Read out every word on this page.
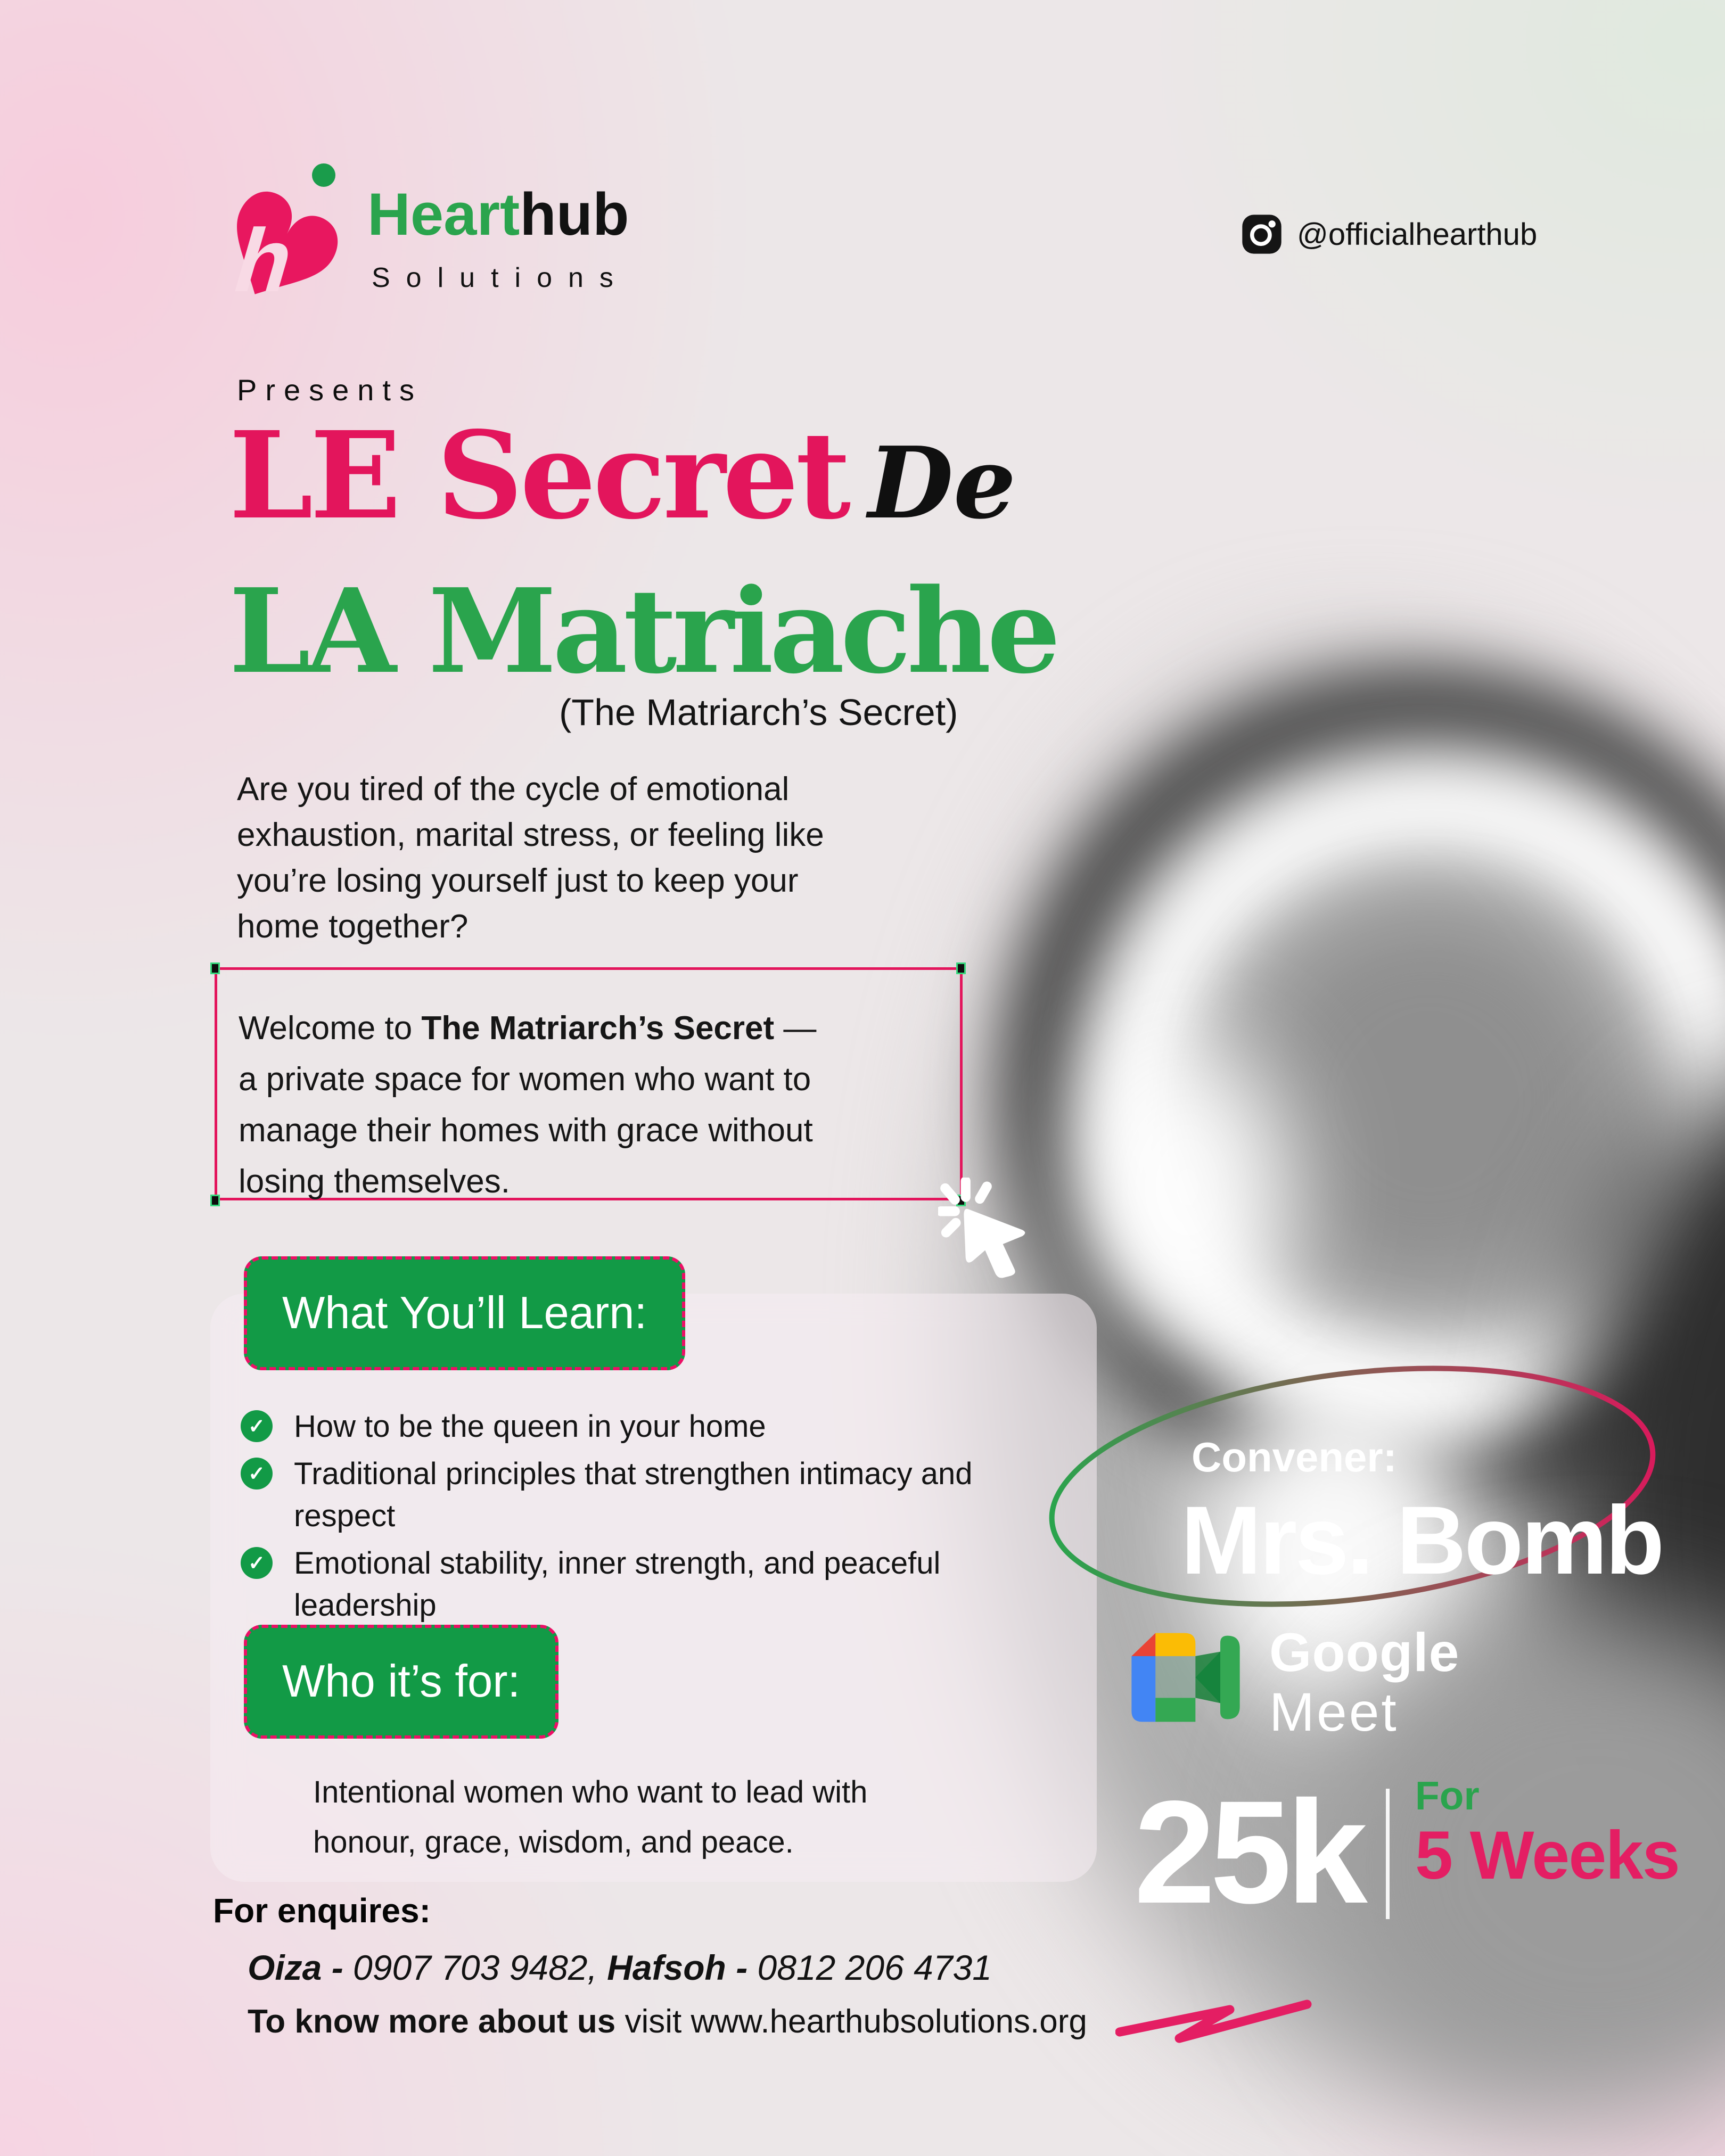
h Hearthub
Solutions
@officialhearthub
Presents
LE Secret De
LA Matriache
(The Matriarch’s Secret)
Are you tired of the cycle of emotional exhaustion, marital stress, or feeling like you’re losing yourself just to keep your home together?
Welcome to The Matriarch’s Secret — a private space for women who want to manage their homes with grace without losing themselves.
What You’ll Learn:
✓
How to be the queen in your home
✓
Traditional principles that strengthen intimacy and respect
✓
Emotional stability, inner strength, and peaceful leadership
Who it’s for:
Intentional women who want to lead with honour, grace, wisdom, and peace.
Convener:
Mrs. Bomb
Google
Meet
25k For
5 Weeks
For enquires:
Oiza - 0907 703 9482, Hafsoh - 0812 206 4731
To know more about us visit www.hearthubsolutions.org
